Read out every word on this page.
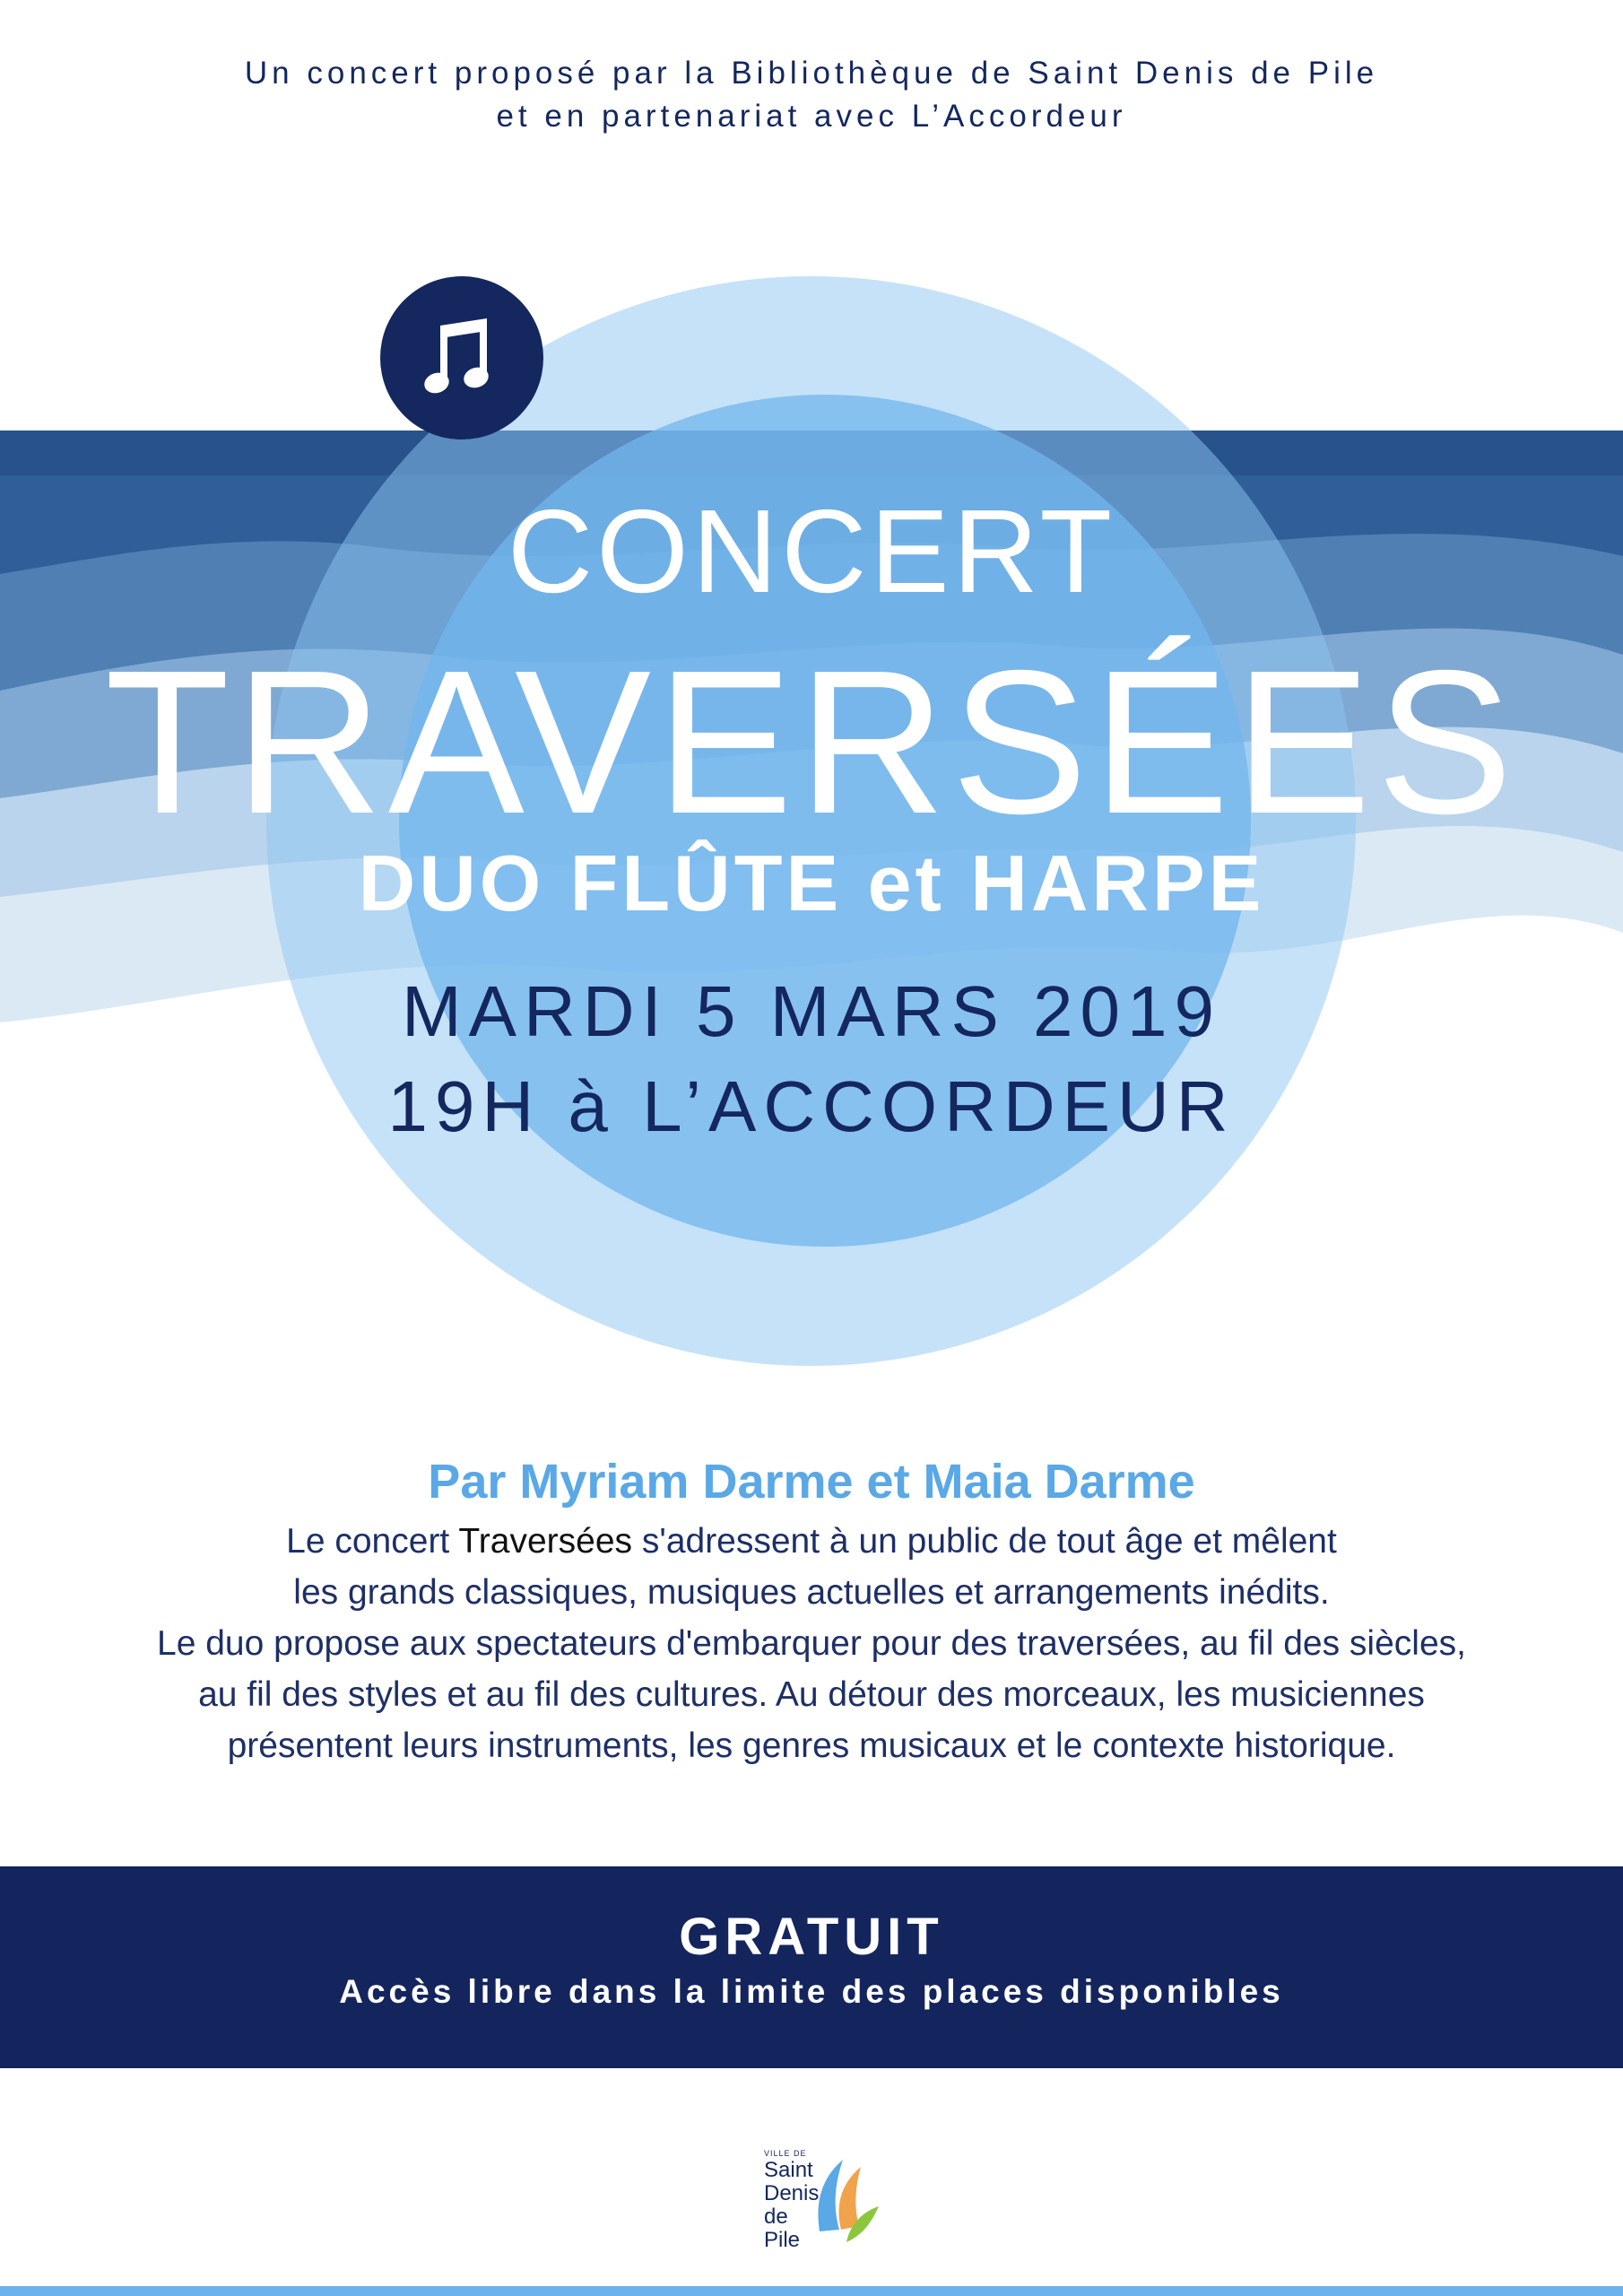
Un concert proposé par la Bibliothèque de Saint Denis de Pile
et en partenariat avec L’Accordeur
CONCERT
TRAVERSÉES
DUO FLÛTE et HARPE
MARDI 5 MARS 2019
19H à L’ACCORDEUR
Par Myriam Darme et Maia Darme
Le concert Traversées s'adressent à un public de tout âge et mêlent
les grands classiques, musiques actuelles et arrangements inédits.
Le duo propose aux spectateurs d'embarquer pour des traversées, au fil des siècles,
au fil des styles et au fil des cultures. Au détour des morceaux, les musiciennes
présentent leurs instruments, les genres musicaux et le contexte historique.
GRATUIT
Accès libre dans la limite des places disponibles
VILLE DE
Saint
Denis
de Pile
